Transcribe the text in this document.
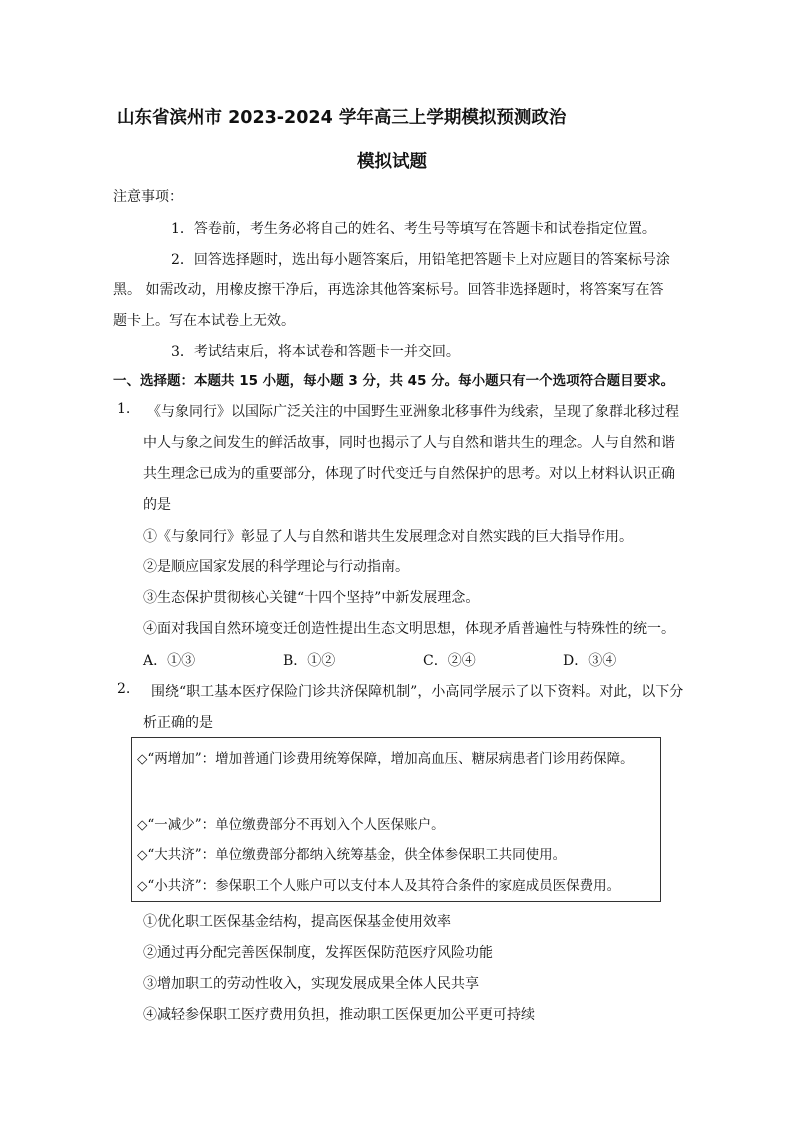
山东省滨州市 2023-2024 学年高三上学期模拟预测政治
模拟试题
注意事项：
1．答卷前，考生务必将自己的姓名、考生号等填写在答题卡和试卷指定位置。
2．回答选择题时，选出每小题答案后，用铅笔把答题卡上对应题目的答案标号涂
黑。 如需改动，用橡皮擦干净后，再选涂其他答案标号。回答非选择题时，将答案写在答
题卡上。写在本试卷上无效。
3．考试结束后，将本试卷和答题卡一并交回。
一、选择题：本题共 15 小题，每小题 3 分，共 45 分。每小题只有一个选项符合题目要求。
1. 《与象同行》以国际广泛关注的中国野生亚洲象北移事件为线索，呈现了象群北移过程
中人与象之间发生的鲜活故事，同时也揭示了人与自然和谐共生的理念。人与自然和谐
共生理念已成为的重要部分，体现了时代变迁与自然保护的思考。对以上材料认识正确
的是
①《与象同行》彰显了人与自然和谐共生发展理念对自然实践的巨大指导作用。
②是顺应国家发展的科学理论与行动指南。
③生态保护贯彻核心关键“十四个坚持”中新发展理念。
④面对我国自然环境变迁创造性提出生态文明思想，体现矛盾普遍性与特殊性的统一。
A．①③	B．①②	C．②④	D．③④
2. 围绕“职工基本医疗保险门诊共济保障机制”，小高同学展示了以下资料。对此，以下分
析正确的是
◇“两增加”：增加普通门诊费用统筹保障，增加高血压、糖尿病患者门诊用药保障。
◇“一减少”：单位缴费部分不再划入个人医保账户。
◇“大共济”：单位缴费部分都纳入统筹基金，供全体参保职工共同使用。
◇“小共济”：参保职工个人账户可以支付本人及其符合条件的家庭成员医保费用。
①优化职工医保基金结构，提高医保基金使用效率
②通过再分配完善医保制度，发挥医保防范医疗风险功能
③增加职工的劳动性收入，实现发展成果全体人民共享
④减轻参保职工医疗费用负担，推动职工医保更加公平更可持续
